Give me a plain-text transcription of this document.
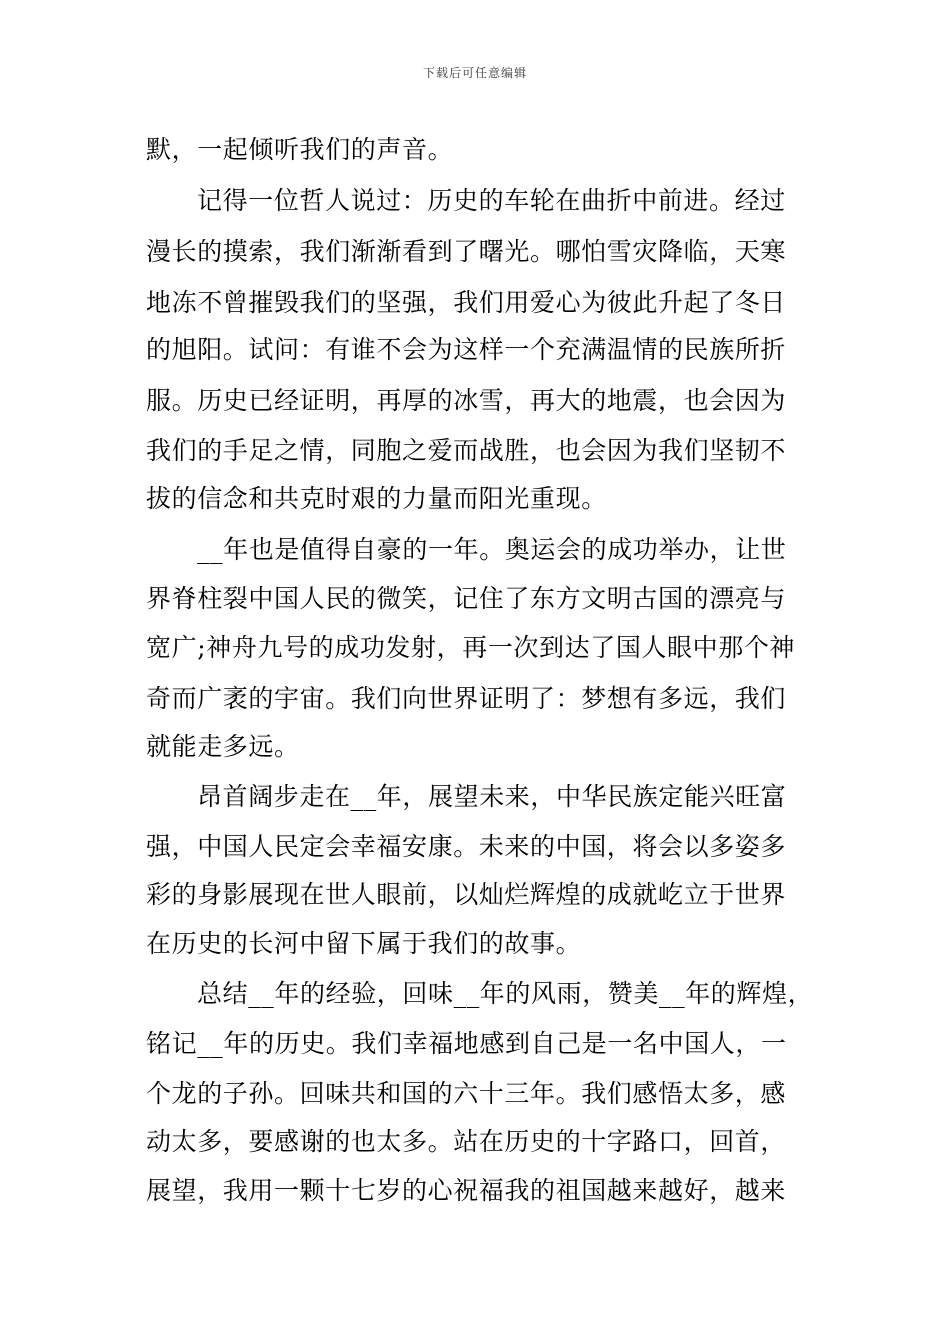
下载后可任意编辑
默，一起倾听我们的声音。
记得一位哲人说过：历史的车轮在曲折中前进。经过
漫长的摸索，我们渐渐看到了曙光。哪怕雪灾降临，天寒
地冻不曾摧毁我们的坚强，我们用爱心为彼此升起了冬日
的旭阳。试问：有谁不会为这样一个充满温情的民族所折
服。历史已经证明，再厚的冰雪，再大的地震，也会因为
我们的手足之情，同胞之爱而战胜，也会因为我们坚韧不
拔的信念和共克时艰的力量而阳光重现。
__年也是值得自豪的一年。奥运会的成功举办，让世
界脊柱裂中国人民的微笑，记住了东方文明古国的漂亮与
宽广;神舟九号的成功发射，再一次到达了国人眼中那个神
奇而广袤的宇宙。我们向世界证明了：梦想有多远，我们
就能走多远。
昂首阔步走在__年，展望未来，中华民族定能兴旺富
强，中国人民定会幸福安康。未来的中国，将会以多姿多
彩的身影展现在世人眼前，以灿烂辉煌的成就屹立于世界
在历史的长河中留下属于我们的故事。
总结__年的经验，回味__年的风雨，赞美__年的辉煌，
铭记__年的历史。我们幸福地感到自己是一名中国人，一
个龙的子孙。回味共和国的六十三年。我们感悟太多，感
动太多，要感谢的也太多。站在历史的十字路口，回首，
展望，我用一颗十七岁的心祝福我的祖国越来越好，越来
